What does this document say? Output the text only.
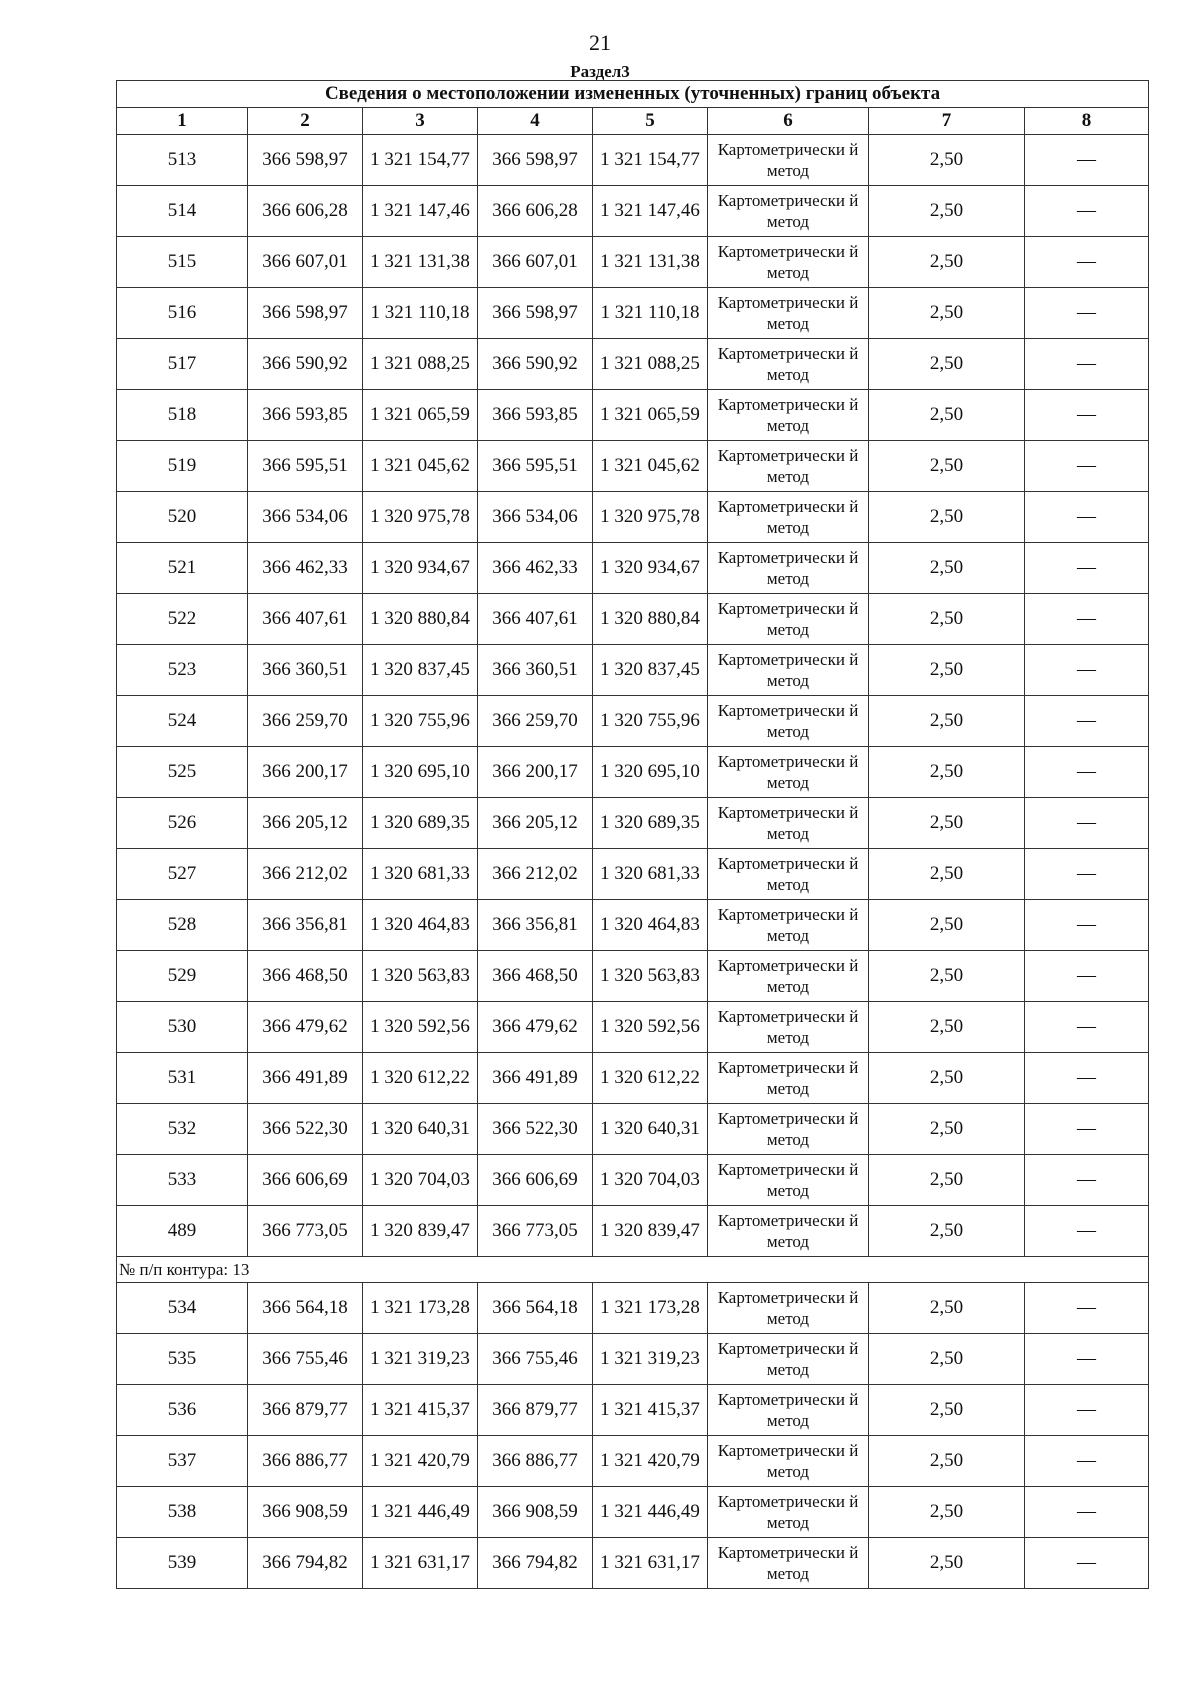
21
Раздел3
Сведения о местоположении измененных (уточненных) границ объекта							
1	2	3	4	5	6	7	8
513	366 598,97	1 321 154,77	366 598,97	1 321 154,77	Картометрически й метод	2,50	—
514	366 606,28	1 321 147,46	366 606,28	1 321 147,46	Картометрически й метод	2,50	—
515	366 607,01	1 321 131,38	366 607,01	1 321 131,38	Картометрически й метод	2,50	—
516	366 598,97	1 321 110,18	366 598,97	1 321 110,18	Картометрически й метод	2,50	—
517	366 590,92	1 321 088,25	366 590,92	1 321 088,25	Картометрически й метод	2,50	—
518	366 593,85	1 321 065,59	366 593,85	1 321 065,59	Картометрически й метод	2,50	—
519	366 595,51	1 321 045,62	366 595,51	1 321 045,62	Картометрически й метод	2,50	—
520	366 534,06	1 320 975,78	366 534,06	1 320 975,78	Картометрически й метод	2,50	—
521	366 462,33	1 320 934,67	366 462,33	1 320 934,67	Картометрически й метод	2,50	—
522	366 407,61	1 320 880,84	366 407,61	1 320 880,84	Картометрически й метод	2,50	—
523	366 360,51	1 320 837,45	366 360,51	1 320 837,45	Картометрически й метод	2,50	—
524	366 259,70	1 320 755,96	366 259,70	1 320 755,96	Картометрически й метод	2,50	—
525	366 200,17	1 320 695,10	366 200,17	1 320 695,10	Картометрически й метод	2,50	—
526	366 205,12	1 320 689,35	366 205,12	1 320 689,35	Картометрически й метод	2,50	—
527	366 212,02	1 320 681,33	366 212,02	1 320 681,33	Картометрически й метод	2,50	—
528	366 356,81	1 320 464,83	366 356,81	1 320 464,83	Картометрически й метод	2,50	—
529	366 468,50	1 320 563,83	366 468,50	1 320 563,83	Картометрически й метод	2,50	—
530	366 479,62	1 320 592,56	366 479,62	1 320 592,56	Картометрически й метод	2,50	—
531	366 491,89	1 320 612,22	366 491,89	1 320 612,22	Картометрически й метод	2,50	—
532	366 522,30	1 320 640,31	366 522,30	1 320 640,31	Картометрически й метод	2,50	—
533	366 606,69	1 320 704,03	366 606,69	1 320 704,03	Картометрически й метод	2,50	—
489	366 773,05	1 320 839,47	366 773,05	1 320 839,47	Картометрически й метод	2,50	—
№ п/п контура: 13							
534	366 564,18	1 321 173,28	366 564,18	1 321 173,28	Картометрически й метод	2,50	—
535	366 755,46	1 321 319,23	366 755,46	1 321 319,23	Картометрически й метод	2,50	—
536	366 879,77	1 321 415,37	366 879,77	1 321 415,37	Картометрически й метод	2,50	—
537	366 886,77	1 321 420,79	366 886,77	1 321 420,79	Картометрически й метод	2,50	—
538	366 908,59	1 321 446,49	366 908,59	1 321 446,49	Картометрически й метод	2,50	—
539	366 794,82	1 321 631,17	366 794,82	1 321 631,17	Картометрически й метод	2,50	—
